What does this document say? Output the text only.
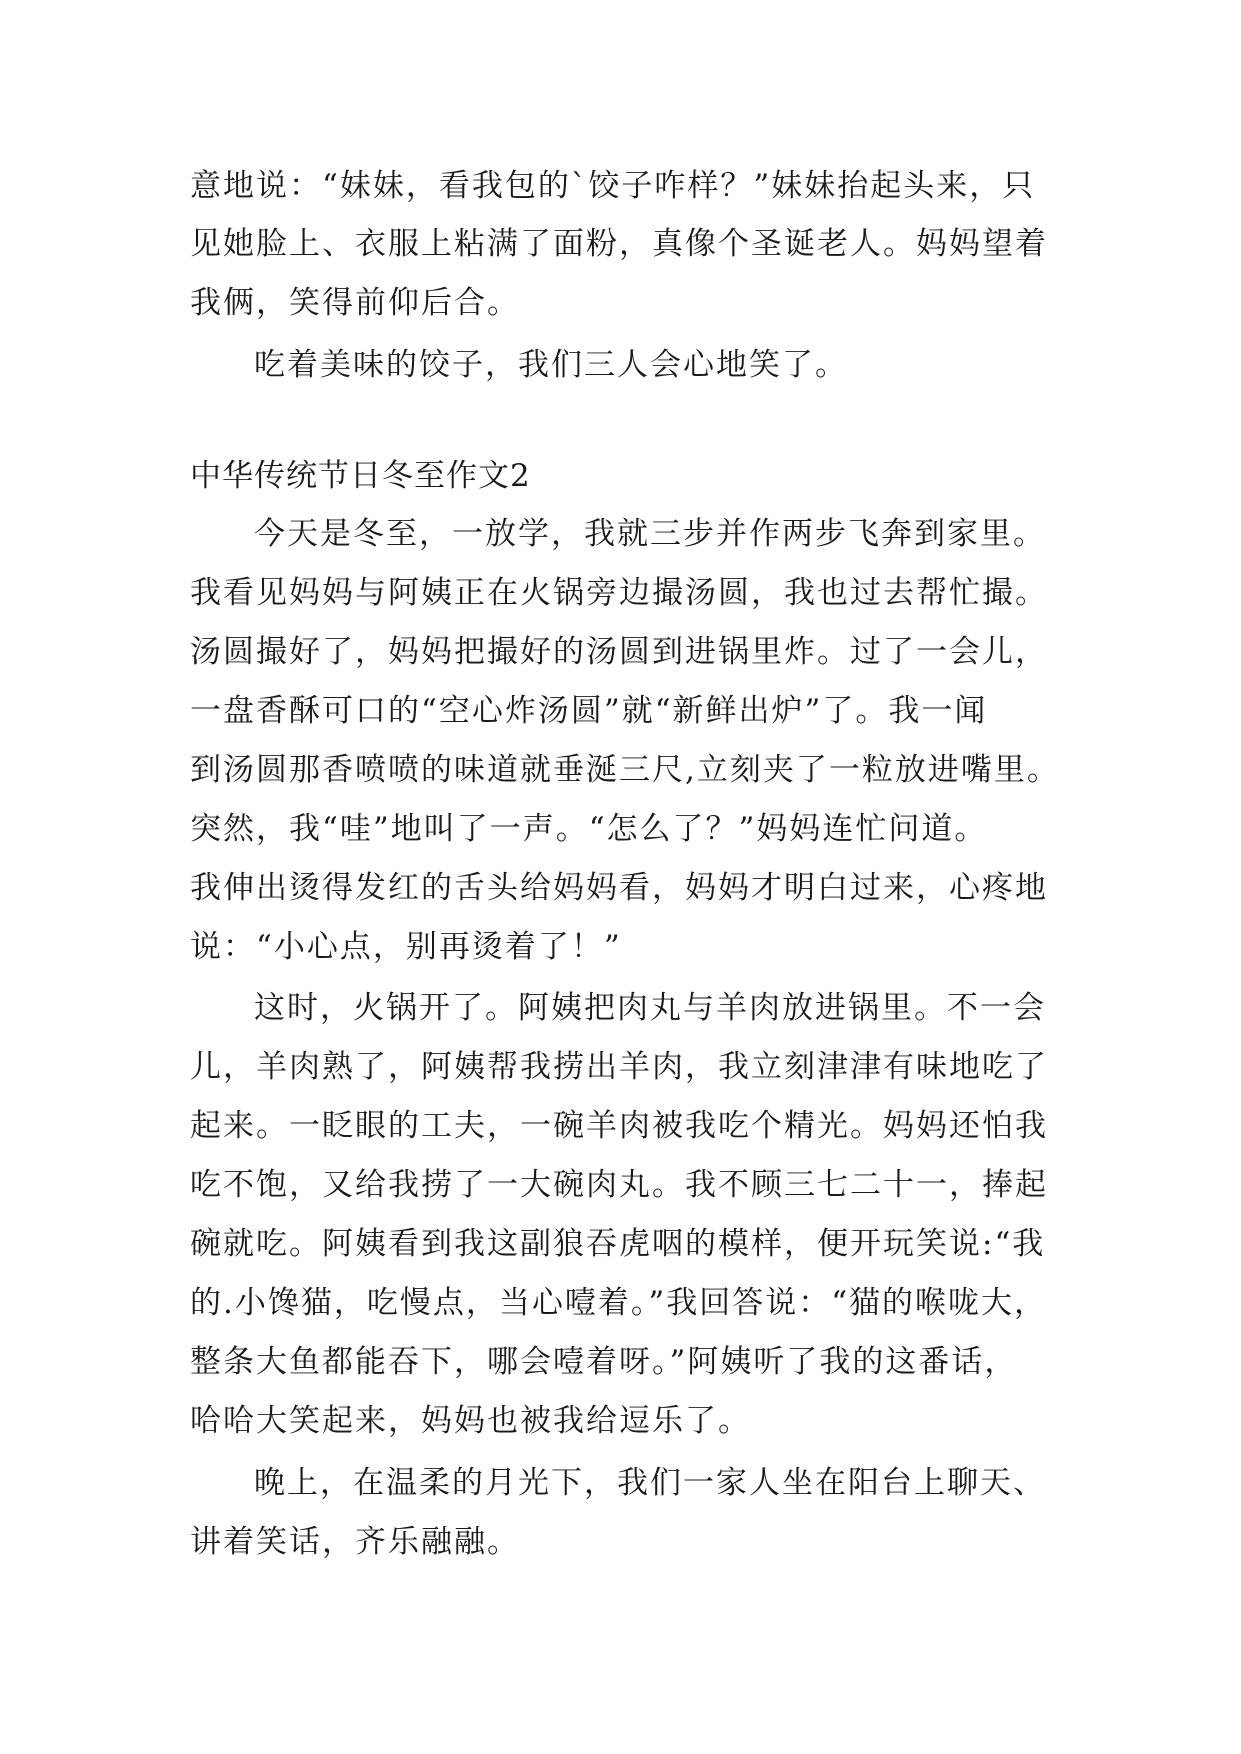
意地说：“妹妹，看我包的`饺子咋样？”妹妹抬起头来，只
见她脸上、衣服上粘满了面粉，真像个圣诞老人。妈妈望着
我俩，笑得前仰后合。
吃着美味的饺子，我们三人会心地笑了。
中华传统节日冬至作文2
今天是冬至，一放学，我就三步并作两步飞奔到家里。
我看见妈妈与阿姨正在火锅旁边撮汤圆，我也过去帮忙撮。
汤圆撮好了，妈妈把撮好的汤圆到进锅里炸。过了一会儿，
一盘香酥可口的“空心炸汤圆”就“新鲜出炉”了。我一闻
到汤圆那香喷喷的味道就垂涎三尺,立刻夹了一粒放进嘴里。
突然，我“哇”地叫了一声。“怎么了？”妈妈连忙问道。
我伸出烫得发红的舌头给妈妈看，妈妈才明白过来，心疼地
说：“小心点，别再烫着了！”
这时，火锅开了。阿姨把肉丸与羊肉放进锅里。不一会
儿，羊肉熟了，阿姨帮我捞出羊肉，我立刻津津有味地吃了
起来。一眨眼的工夫，一碗羊肉被我吃个精光。妈妈还怕我
吃不饱，又给我捞了一大碗肉丸。我不顾三七二十一，捧起
碗就吃。阿姨看到我这副狼吞虎咽的模样，便开玩笑说:“我
的.小馋猫，吃慢点，当心噎着。”我回答说：“猫的喉咙大，
整条大鱼都能吞下，哪会噎着呀。”阿姨听了我的这番话，
哈哈大笑起来，妈妈也被我给逗乐了。
晚上，在温柔的月光下，我们一家人坐在阳台上聊天、
讲着笑话，齐乐融融。
